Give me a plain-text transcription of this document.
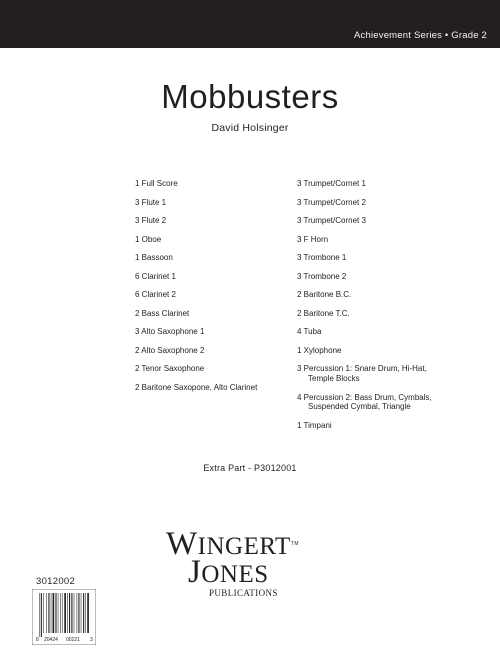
Achievement Series • Grade 2
Mobbusters
David Holsinger
1 Full Score
3 Flute 1
3 Flute 2
1 Oboe
1 Bassoon
6 Clarinet 1
6 Clarinet 2
2 Bass Clarinet
3 Alto Saxophone 1
2 Alto Saxophone 2
2 Tenor Saxophone
2 Baritone Saxopone, Alto Clarinet
3 Trumpet/Cornet 1
3 Trumpet/Cornet 2
3 Trumpet/Cornet 3
3 F Horn
3 Trombone 1
3 Trombone 2
2 Baritone B.C.
2 Baritone T.C.
4 Tuba
1 Xylophone
3 Percussion 1: Snare Drum, Hi-Hat,
Temple Blocks
4 Percussion 2: Bass Drum, Cymbals,
Suspended Cymbal, Triangle
1 Timpani
Extra Part - P3012001
WINGERT™
JONES
PUBLICATIONS
3012002
8 20424 00221 3
